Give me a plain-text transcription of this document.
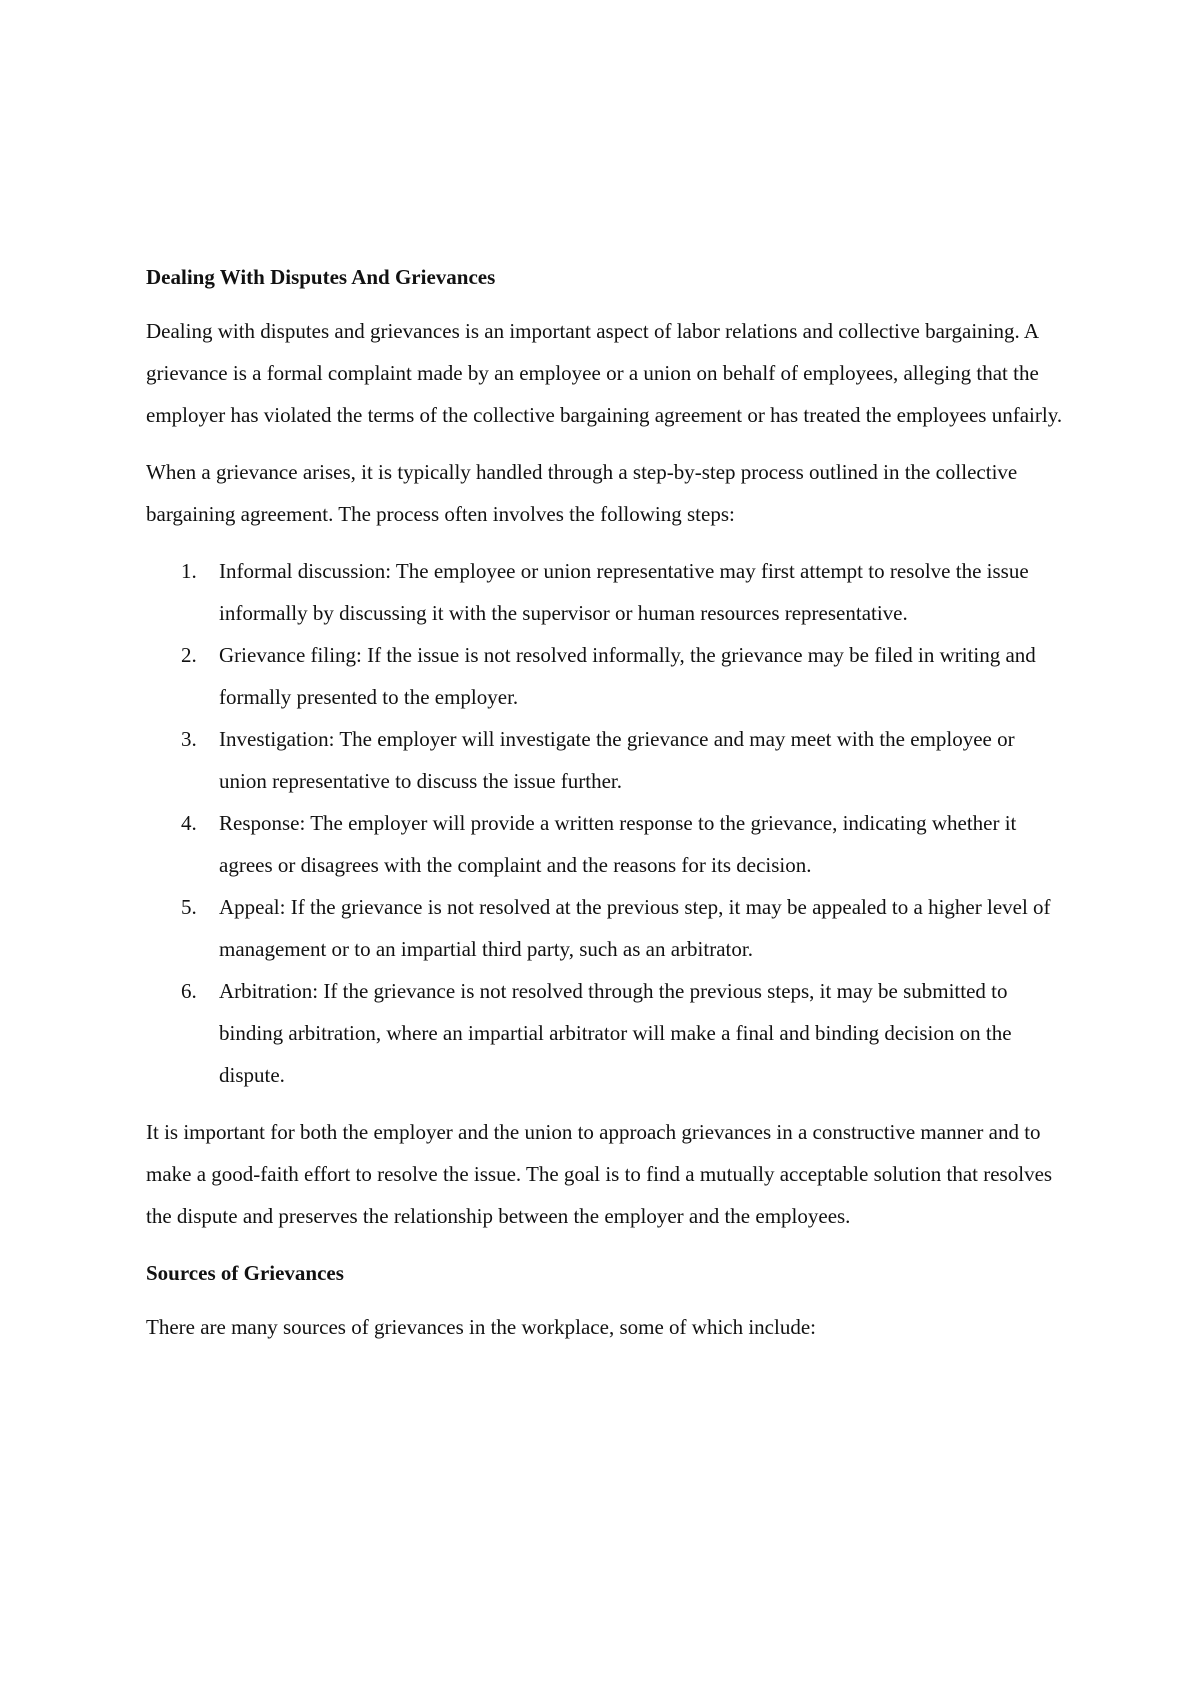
Dealing With Disputes And Grievances

Dealing with disputes and grievances is an important aspect of labor relations and collective bargaining. A grievance is a formal complaint made by an employee or a union on behalf of employees, alleging that the employer has violated the terms of the collective bargaining agreement or has treated the employees unfairly.

When a grievance arises, it is typically handled through a step-by-step process outlined in the collective bargaining agreement. The process often involves the following steps:

1. Informal discussion: The employee or union representative may first attempt to resolve the issue informally by discussing it with the supervisor or human resources representative.
2. Grievance filing: If the issue is not resolved informally, the grievance may be filed in writing and formally presented to the employer.
3. Investigation: The employer will investigate the grievance and may meet with the employee or union representative to discuss the issue further.
4. Response: The employer will provide a written response to the grievance, indicating whether it agrees or disagrees with the complaint and the reasons for its decision.
5. Appeal: If the grievance is not resolved at the previous step, it may be appealed to a higher level of management or to an impartial third party, such as an arbitrator.
6. Arbitration: If the grievance is not resolved through the previous steps, it may be submitted to binding arbitration, where an impartial arbitrator will make a final and binding decision on the dispute.

It is important for both the employer and the union to approach grievances in a constructive manner and to make a good-faith effort to resolve the issue. The goal is to find a mutually acceptable solution that resolves the dispute and preserves the relationship between the employer and the employees.

Sources of Grievances

There are many sources of grievances in the workplace, some of which include:
